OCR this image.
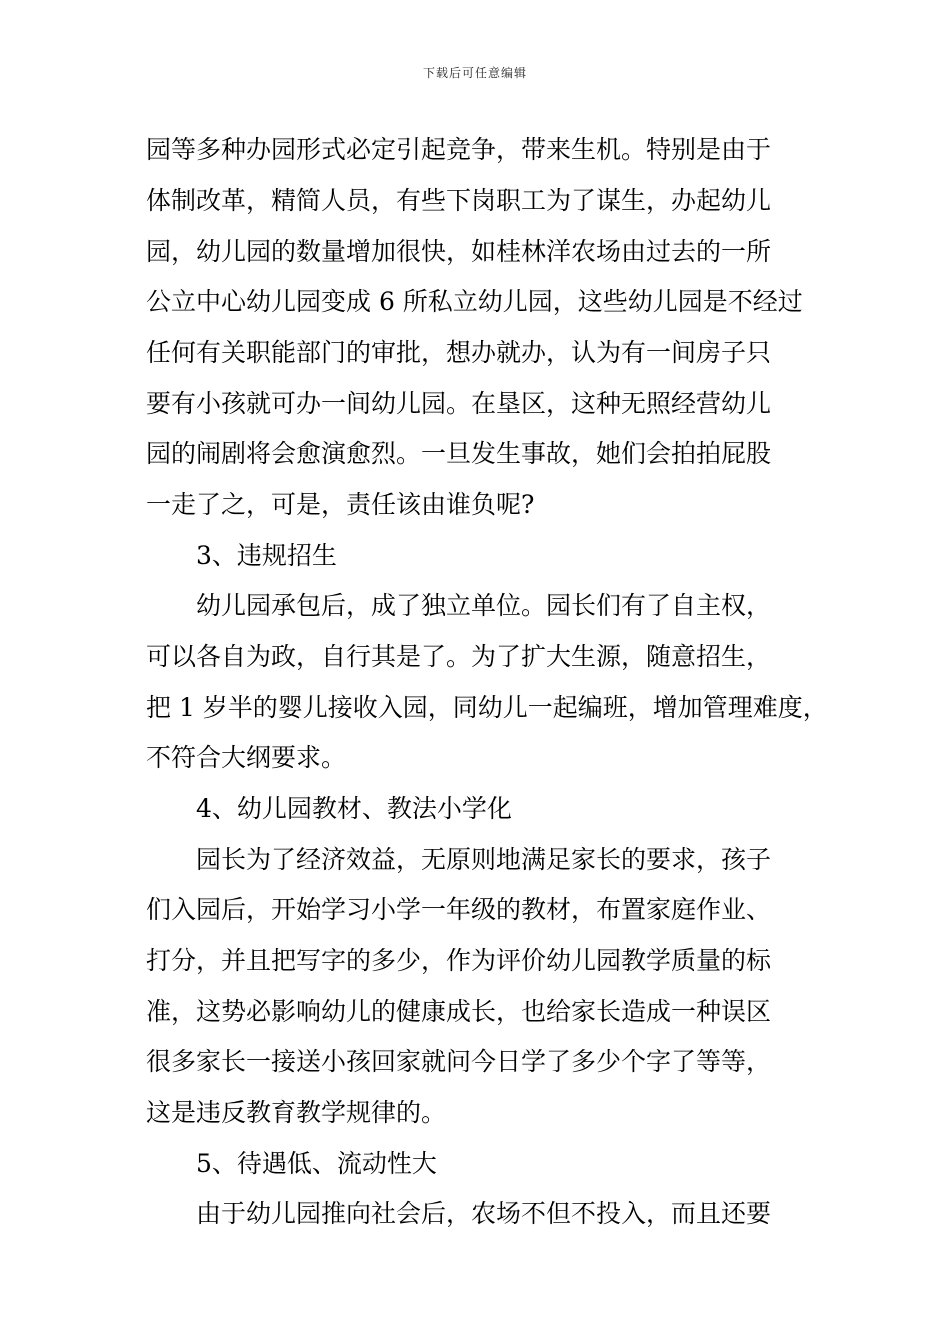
下载后可任意编辑
园等多种办园形式必定引起竞争，带来生机。特别是由于
体制改革，精简人员，有些下岗职工为了谋生，办起幼儿
园，幼儿园的数量增加很快，如桂林洋农场由过去的一所
公立中心幼儿园变成 6 所私立幼儿园，这些幼儿园是不经过
任何有关职能部门的审批，想办就办，认为有一间房子只
要有小孩就可办一间幼儿园。在垦区，这种无照经营幼儿
园的闹剧将会愈演愈烈。一旦发生事故，她们会拍拍屁股
一走了之，可是，责任该由谁负呢?
3、违规招生
幼儿园承包后，成了独立单位。园长们有了自主权，
可以各自为政，自行其是了。为了扩大生源，随意招生，
把 1 岁半的婴儿接收入园，同幼儿一起编班，增加管理难度，
不符合大纲要求。
4、幼儿园教材、教法小学化
园长为了经济效益，无原则地满足家长的要求，孩子
们入园后，开始学习小学一年级的教材，布置家庭作业、
打分，并且把写字的多少，作为评价幼儿园教学质量的标
准，这势必影响幼儿的健康成长，也给家长造成一种误区
很多家长一接送小孩回家就问今日学了多少个字了等等，
这是违反教育教学规律的。
5、待遇低、流动性大
由于幼儿园推向社会后，农场不但不投入，而且还要
